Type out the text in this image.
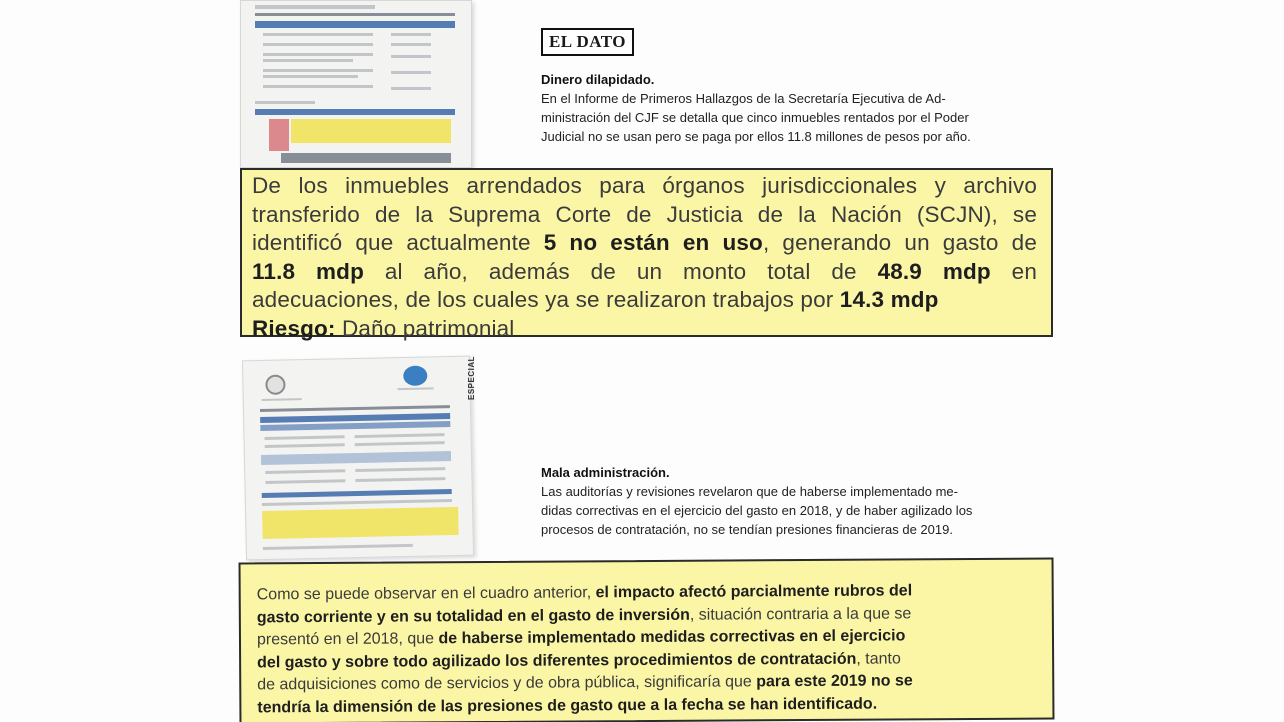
EL DATO
Dinero dilapidado.
En el Informe de Primeros Hallazgos de la Secretaría Ejecutiva de Ad-
ministración del CJF se detalla que cinco inmuebles rentados por el Poder
Judicial no se usan pero se paga por ellos 11.8 millones de pesos por año.
De los inmuebles arrendados para órganos jurisdiccionales y archivo
transferido de la Suprema Corte de Justicia de la Nación (SCJN), se
identificó que actualmente 5 no están en uso, generando un gasto de
11.8 mdp al año, además de un monto total de 48.9 mdp en
adecuaciones, de los cuales ya se realizaron trabajos por 14.3 mdp
Riesgo: Daño patrimonial
ESPECIAL
Mala administración.
Las auditorías y revisiones revelaron que de haberse implementado me-
didas correctivas en el ejercicio del gasto en 2018, y de haber agilizado los
procesos de contratación, no se tendían presiones financieras de 2019.
Como se puede observar en el cuadro anterior, el impacto afectó parcialmente rubros del
gasto corriente y en su totalidad en el gasto de inversión, situación contraria a la que se
presentó en el 2018, que de haberse implementado medidas correctivas en el ejercicio
del gasto y sobre todo agilizado los diferentes procedimientos de contratación, tanto
de adquisiciones como de servicios y de obra pública, significaría que para este 2019 no se
tendría la dimensión de las presiones de gasto que a la fecha se han identificado.
